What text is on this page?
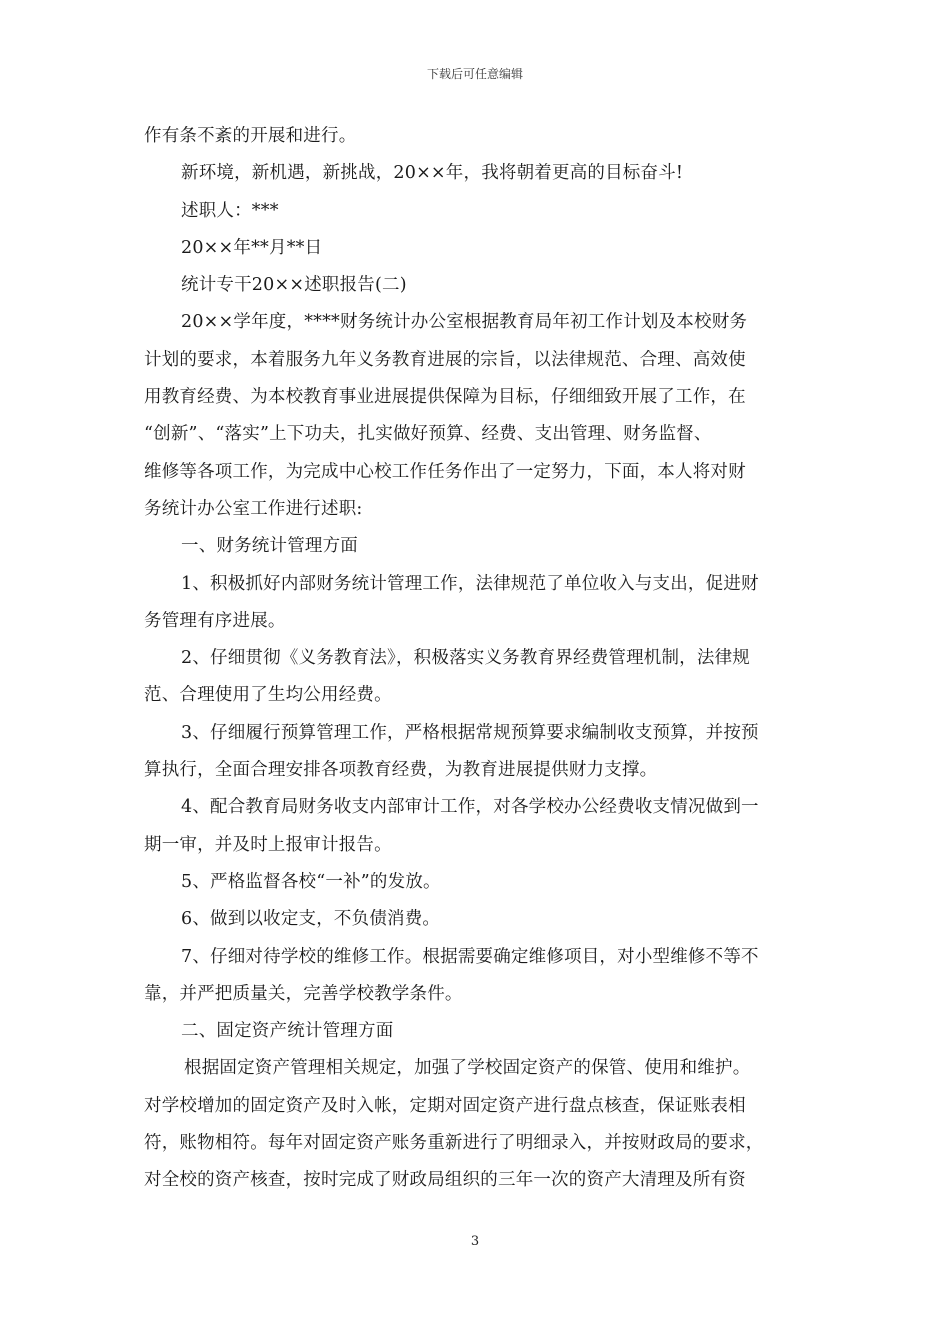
下载后可任意编辑
作有条不紊的开展和进行。
新环境，新机遇，新挑战，20××年，我将朝着更高的目标奋斗!
述职人：***
20××年**月**日
统计专干20××述职报告(二)
20××学年度，****财务统计办公室根据教育局年初工作计划及本校财务
计划的要求，本着服务九年义务教育进展的宗旨，以法律规范、合理、高效使
用教育经费、为本校教育事业进展提供保障为目标，仔细细致开展了工作，在
“创新”、“落实”上下功夫，扎实做好预算、经费、支出管理、财务监督、
维修等各项工作，为完成中心校工作任务作出了一定努力，下面，本人将对财
务统计办公室工作进行述职:
一、财务统计管理方面
1、积极抓好内部财务统计管理工作，法律规范了单位收入与支出，促进财
务管理有序进展。
2、仔细贯彻《义务教育法》，积极落实义务教育界经费管理机制，法律规
范、合理使用了生均公用经费。
3、仔细履行预算管理工作，严格根据常规预算要求编制收支预算，并按预
算执行，全面合理安排各项教育经费，为教育进展提供财力支撑。
4、配合教育局财务收支内部审计工作，对各学校办公经费收支情况做到一
期一审，并及时上报审计报告。
5、严格监督各校“一补”的发放。
6、做到以收定支，不负债消费。
7、仔细对待学校的维修工作。根据需要确定维修项目，对小型维修不等不
靠，并严把质量关，完善学校教学条件。
二、固定资产统计管理方面
根据固定资产管理相关规定，加强了学校固定资产的保管、使用和维护。
对学校增加的固定资产及时入帐，定期对固定资产进行盘点核查，保证账表相
符，账物相符。每年对固定资产账务重新进行了明细录入，并按财政局的要求，
对全校的资产核查，按时完成了财政局组织的三年一次的资产大清理及所有资
3
